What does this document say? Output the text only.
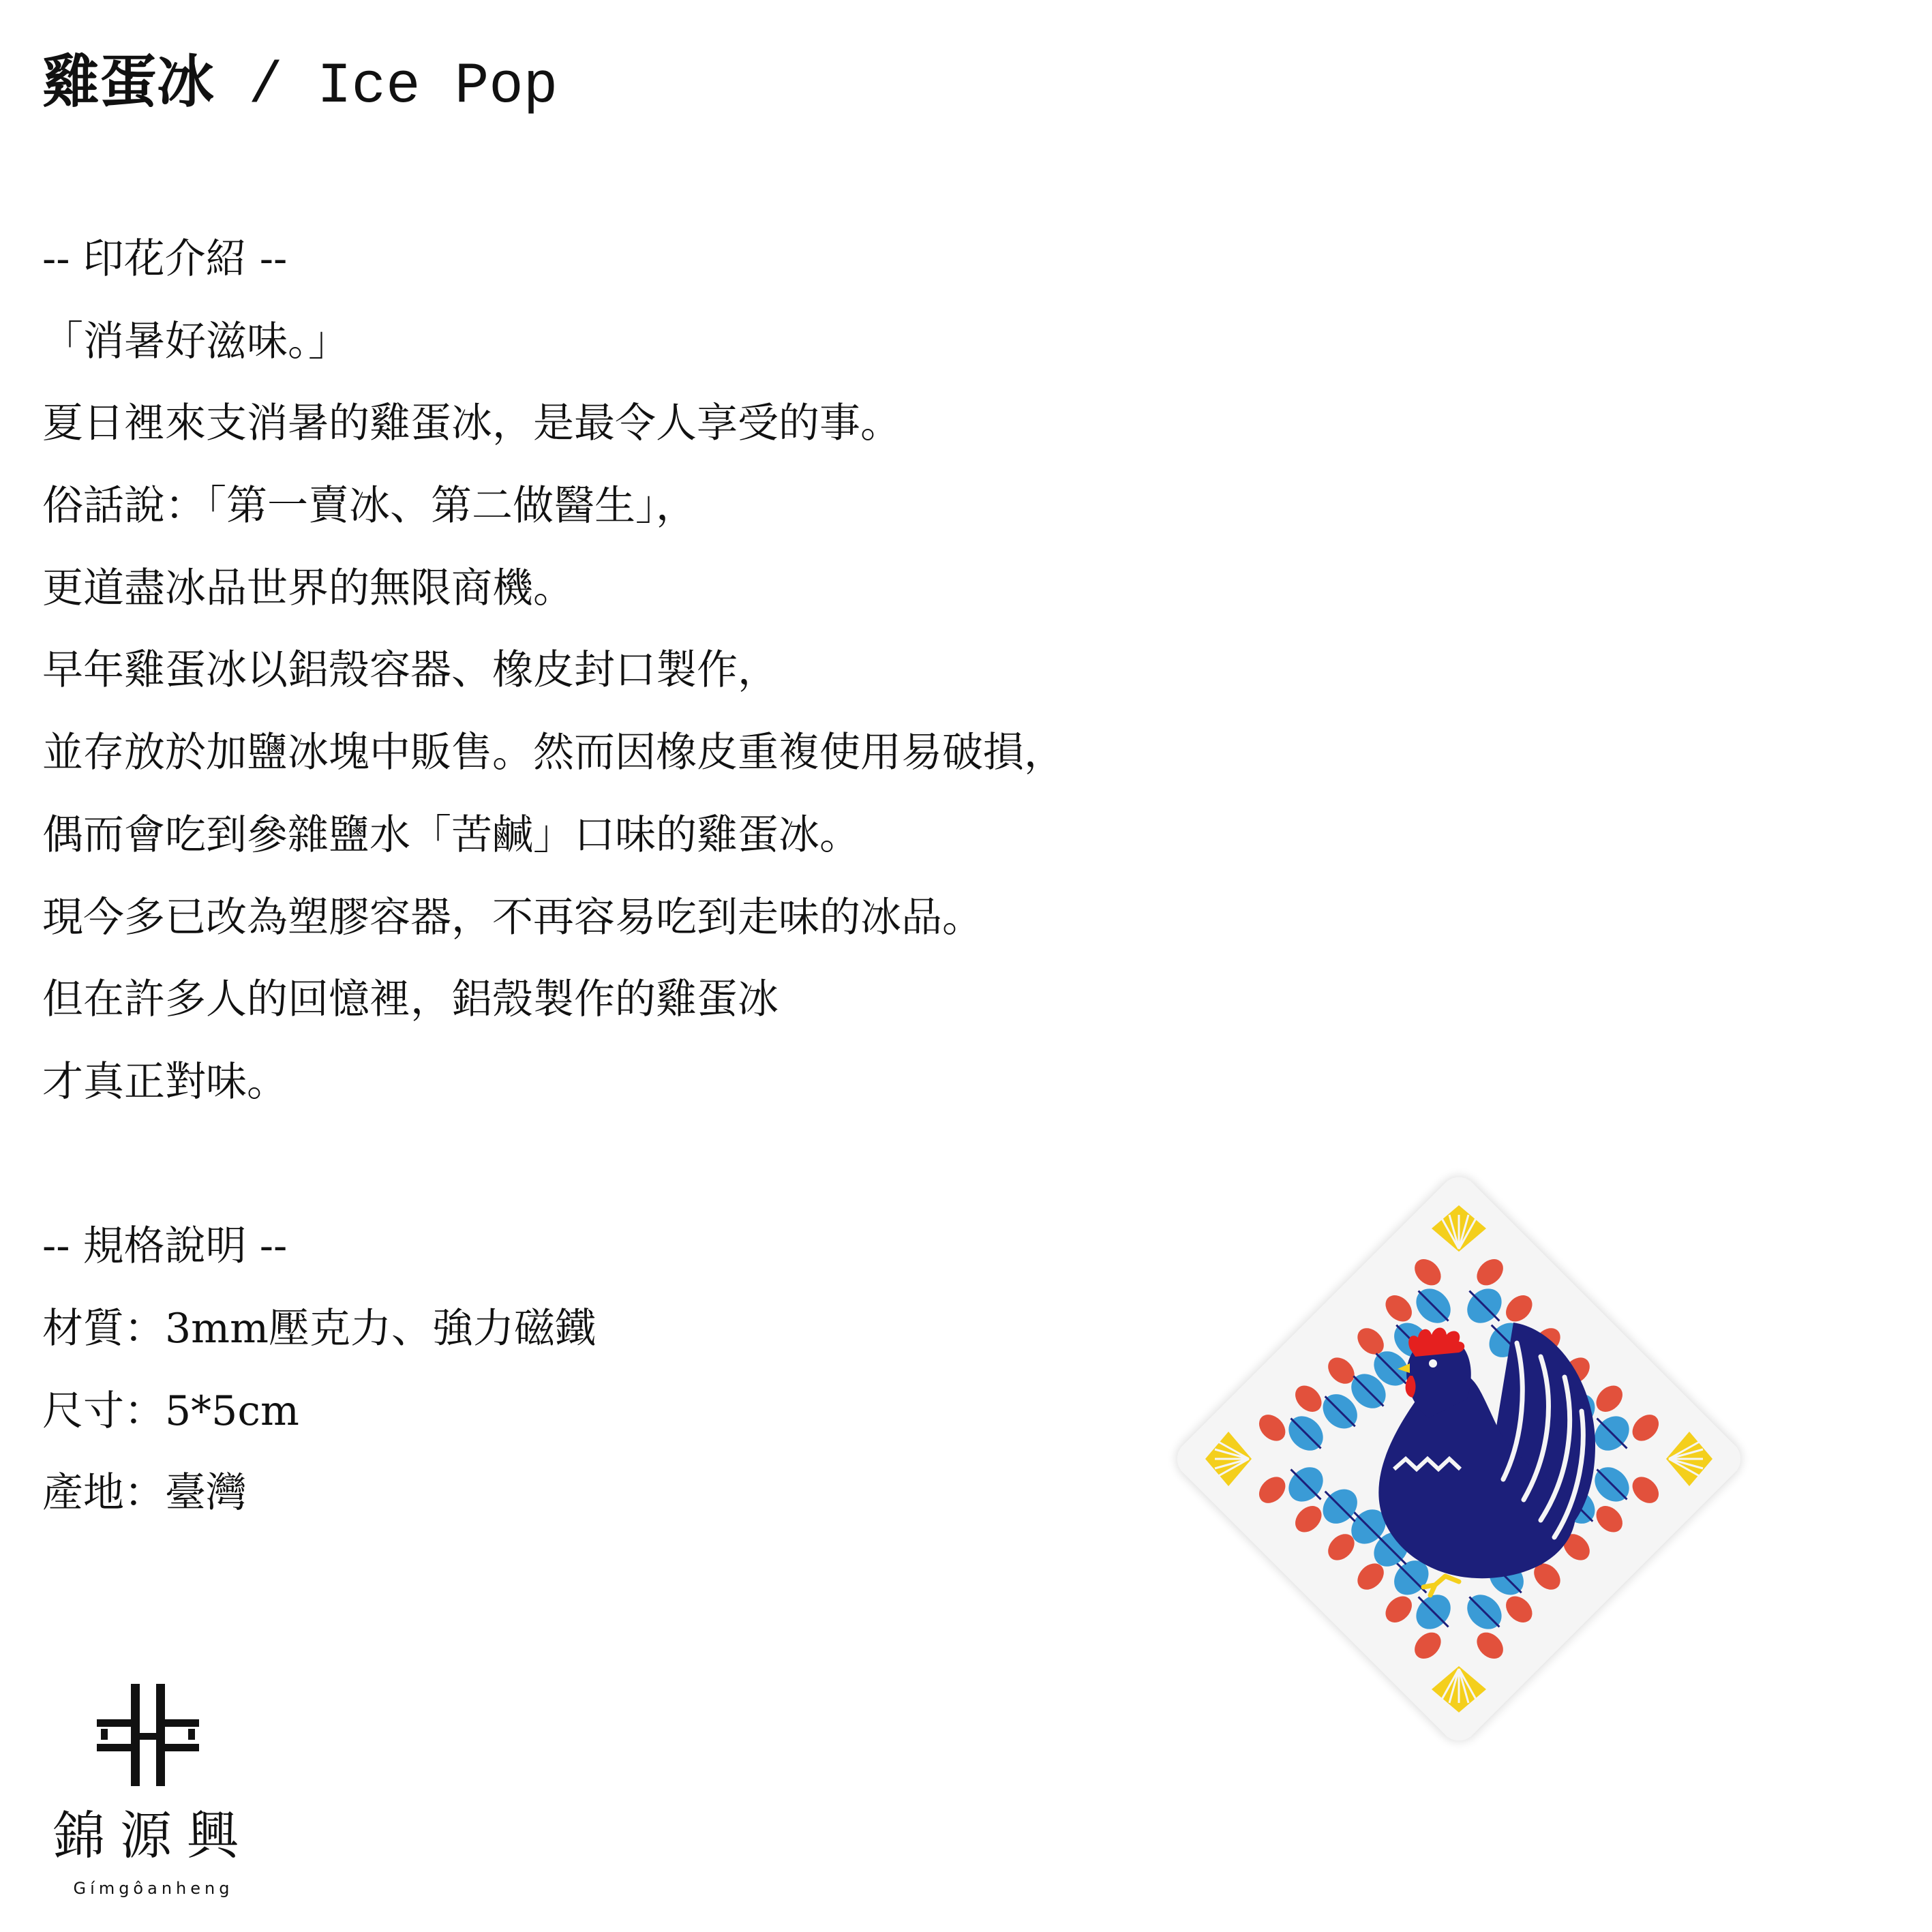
雞蛋冰 / Ice Pop
-- 印花介紹 --
「消暑好滋味。」
夏日裡來支消暑的雞蛋冰，是最令人享受的事。
俗話說：「第一賣冰、第二做醫生」，
更道盡冰品世界的無限商機。
早年雞蛋冰以鋁殼容器、橡皮封口製作，
並存放於加鹽冰塊中販售。然而因橡皮重複使用易破損，
偶而會吃到參雜鹽水「苦鹹」口味的雞蛋冰。
現今多已改為塑膠容器，不再容易吃到走味的冰品。
但在許多人的回憶裡，鋁殼製作的雞蛋冰
才真正對味。
-- 規格說明 --
材質：3mm壓克力、強力磁鐵
尺寸：5*5cm
產地：臺灣
錦源興
Gímgôanheng
